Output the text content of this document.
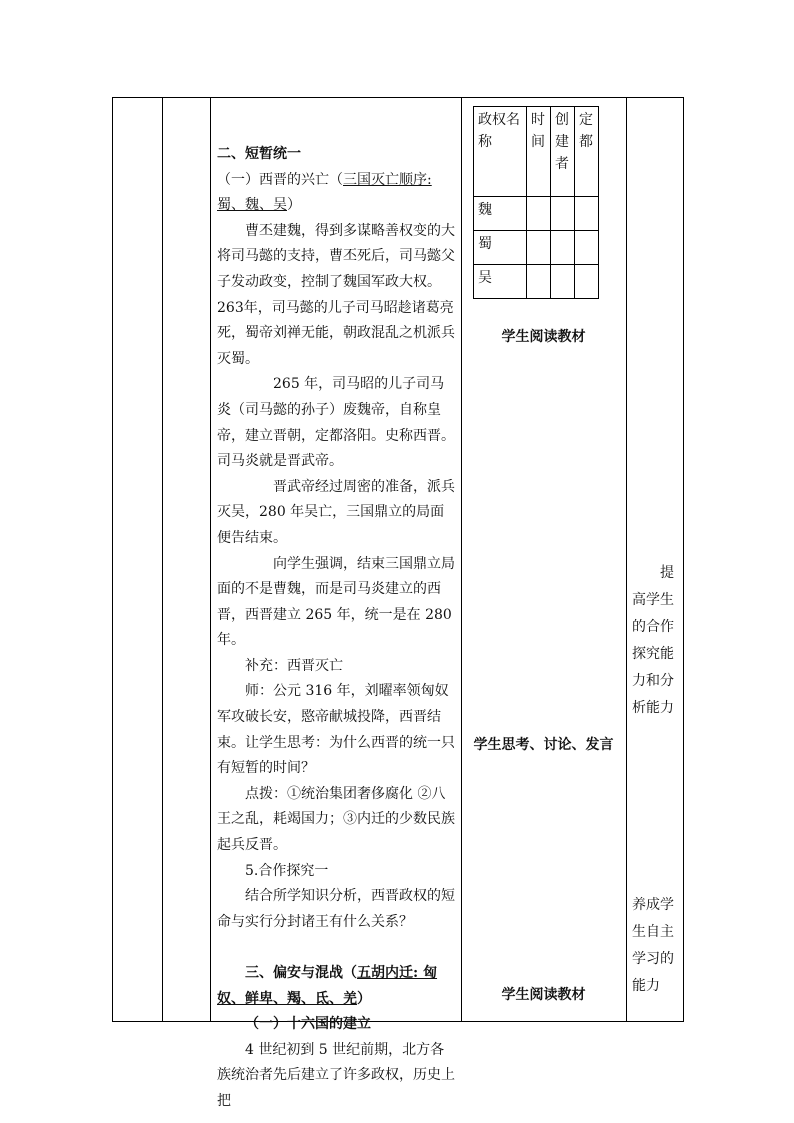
二、短暂统一

（一）西晋的兴亡（三国灭亡顺序: 蜀、魏、吴）

曹丕建魏，得到多谋略善权变的大将司马懿的支持，曹丕死后，司马懿父子发动政变，控制了魏国军政大权。263年，司马懿的儿子司马昭趁诸葛亮死，蜀帝刘禅无能，朝政混乱之机派兵灭蜀。

265 年，司马昭的儿子司马炎（司马懿的孙子）废魏帝，自称皇帝，建立晋朝，定都洛阳。史称西晋。司马炎就是晋武帝。

晋武帝经过周密的准备，派兵灭吴，280 年吴亡，三国鼎立的局面便告结束。

向学生强调，结束三国鼎立局面的不是曹魏，而是司马炎建立的西晋，西晋建立 265 年，统一是在 280 年。

补充：西晋灭亡

师：公元 316 年，刘曜率领匈奴军攻破长安，愍帝献城投降，西晋结束。让学生思考：为什么西晋的统一只有短暂的时间？

点拨：①统治集团奢侈腐化 ②八王之乱，耗竭国力；③内迁的少数民族起兵反晋。

5.合作探究一

结合所学知识分析，西晋政权的短命与实行分封诸王有什么关系？

三、偏安与混战（五胡内迁: 匈奴、鲜卑、羯、氐、羌）

（一）十六国的建立

4 世纪初到 5 世纪前期，北方各族统治者先后建立了许多政权，历史上把

政权名称	时间	创建者	定都
魏			
蜀			
吴			
学生阅读教材
学生思考、讨论、发言
学生阅读教材
提高学生的合作探究能力和分析能力
养成学生自主学习的能力
